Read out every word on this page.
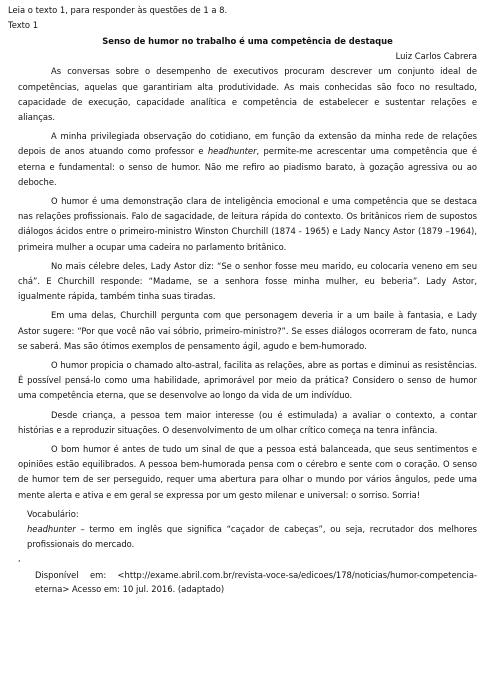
Leia o texto 1, para responder às questões de 1 a 8.

Texto 1

Senso de humor no trabalho é uma competência de destaque

Luiz Carlos Cabrera

As conversas sobre o desempenho de executivos procuram descrever um conjunto ideal de competências, aquelas que garantiriam alta produtividade. As mais conhecidas são foco no resultado, capacidade de execução, capacidade analítica e competência de estabelecer e sustentar relações e alianças.

A minha privilegiada observação do cotidiano, em função da extensão da minha rede de relações depois de anos atuando como professor e headhunter, permite-me acrescentar uma competência que é eterna e fundamental: o senso de humor. Não me refiro ao piadismo barato, à gozação agressiva ou ao deboche.

O humor é uma demonstração clara de inteligência emocional e uma competência que se destaca nas relações profissionais. Falo de sagacidade, de leitura rápida do contexto. Os britânicos riem de supostos diálogos ácidos entre o primeiro-ministro Winston Churchill (1874 - 1965) e Lady Nancy Astor (1879 –1964), primeira mulher a ocupar uma cadeira no parlamento britânico.

No mais célebre deles, Lady Astor diz: “Se o senhor fosse meu marido, eu colocaria veneno em seu chá”. E Churchill responde: “Madame, se a senhora fosse minha mulher, eu beberia”. Lady Astor, igualmente rápida, também tinha suas tiradas.

Em uma delas, Churchill pergunta com que personagem deveria ir a um baile à fantasia, e Lady Astor sugere: “Por que você não vai sóbrio, primeiro-ministro?”. Se esses diálogos ocorreram de fato, nunca se saberá. Mas são ótimos exemplos de pensamento ágil, agudo e bem-humorado.

O humor propicia o chamado alto-astral, facilita as relações, abre as portas e diminui as resistências. É possível pensá-lo como uma habilidade, aprimorável por meio da prática? Considero o senso de humor uma competência eterna, que se desenvolve ao longo da vida de um indivíduo.

Desde criança, a pessoa tem maior interesse (ou é estimulada) a avaliar o contexto, a contar histórias e a reproduzir situações. O desenvolvimento de um olhar crítico começa na tenra infância.

O bom humor é antes de tudo um sinal de que a pessoa está balanceada, que seus sentimentos e opiniões estão equilibrados. A pessoa bem-humorada pensa com o cérebro e sente com o coração. O senso de humor tem de ser perseguido, requer uma abertura para olhar o mundo por vários ângulos, pede uma mente alerta e ativa e em geral se expressa por um gesto milenar e universal: o sorriso. Sorria!

Vocabulário:

headhunter – termo em inglês que significa “caçador de cabeças”, ou seja, recrutador dos melhores profissionais do mercado.

,

Disponível em: <http://exame.abril.com.br/revista-voce-sa/edicoes/178/noticias/humor-competencia-eterna> Acesso em: 10 jul. 2016. (adaptado)
